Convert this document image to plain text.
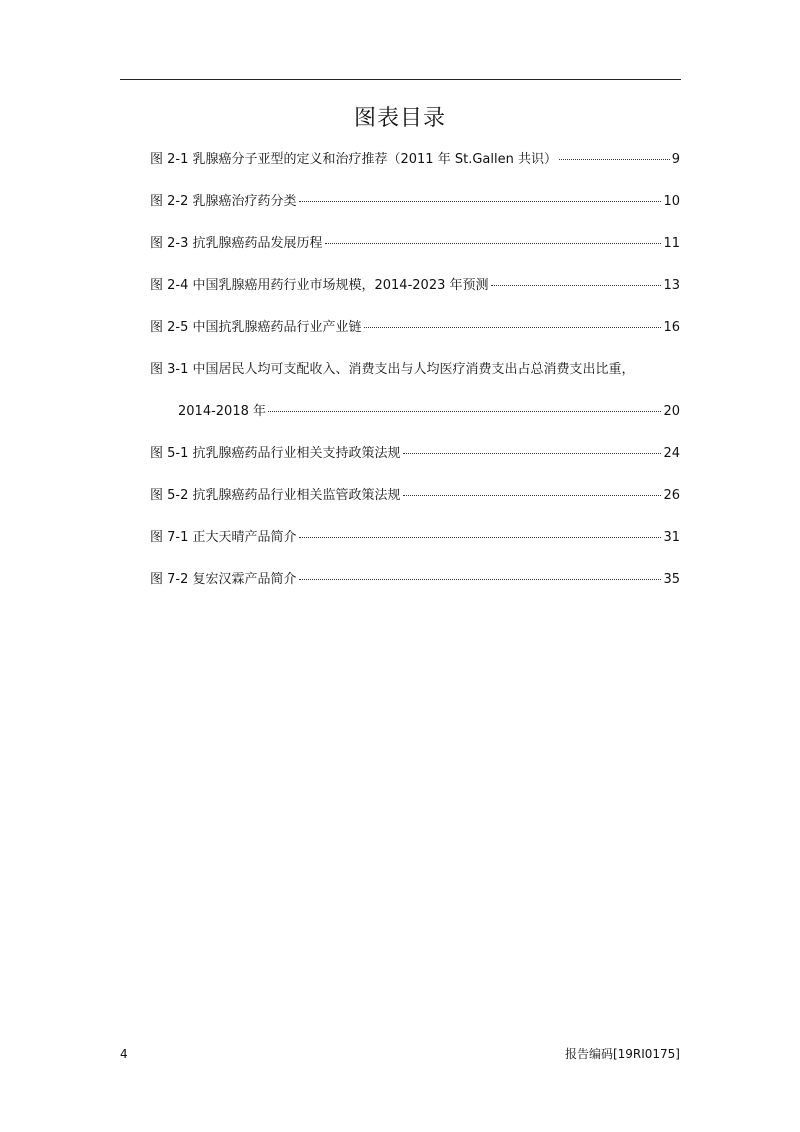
图表目录
图 2-1 乳腺癌分子亚型的定义和治疗推荐（2011 年 St.Gallen 共识）	9
图 2-2 乳腺癌治疗药分类	10
图 2-3 抗乳腺癌药品发展历程	11
图 2-4 中国乳腺癌用药行业市场规模，2014-2023 年预测	13
图 2-5 中国抗乳腺癌药品行业产业链	16
图 3-1 中国居民人均可支配收入、消费支出与人均医疗消费支出占总消费支出比重，
2014-2018 年	20
图 5-1 抗乳腺癌药品行业相关支持政策法规	24
图 5-2 抗乳腺癌药品行业相关监管政策法规	26
图 7-1 正大天晴产品简介	31
图 7-2 复宏汉霖产品简介	35
4	报告编码[19RI0175]
